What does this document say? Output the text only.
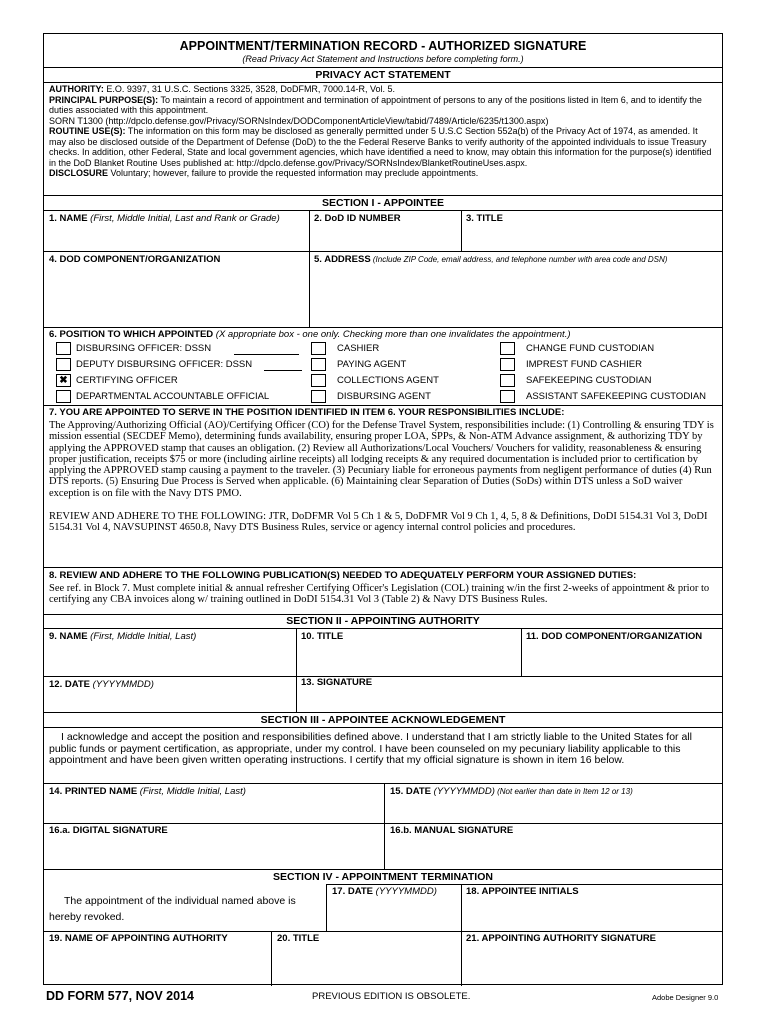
APPOINTMENT/TERMINATION RECORD - AUTHORIZED SIGNATURE
(Read Privacy Act Statement and Instructions before completing form.)
PRIVACY ACT STATEMENT
AUTHORITY: E.O. 9397, 31 U.S.C. Sections 3325, 3528, DoDFMR, 7000.14-R, Vol. 5.
PRINCIPAL PURPOSE(S): To maintain a record of appointment and termination of appointment of persons to any of the positions listed in Item 6, and to identify the duties associated with this appointment.
SORN T1300 (http://dpclo.defense.gov/Privacy/SORNsIndex/DODComponentArticleView/tabid/7489/Article/6235/t1300.aspx)
ROUTINE USE(S): The information on this form may be disclosed as generally permitted under 5 U.S.C Section 552a(b) of the Privacy Act of 1974, as amended. It may also be disclosed outside of the Department of Defense (DoD) to the the Federal Reserve Banks to verify authority of the appointed individuals to issue Treasury checks. In addition, other Federal, State and local government agencies, which have identified a need to know, may obtain this information for the purpose(s) identified in the DoD Blanket Routine Uses published at: http://dpclo.defense.gov/Privacy/SORNsIndex/BlanketRoutineUses.aspx.
DISCLOSURE Voluntary; however, failure to provide the requested information may preclude appointments.
SECTION I - APPOINTEE
1. NAME (First, Middle Initial, Last and Rank or Grade)	2. DoD ID NUMBER	3. TITLE
4. DOD COMPONENT/ORGANIZATION	5. ADDRESS (Include ZIP Code, email address, and telephone number with area code and DSN)
6. POSITION TO WHICH APPOINTED (X appropriate box - one only. Checking more than one invalidates the appointment.)
DISBURSING OFFICER: DSSN
DEPUTY DISBURSING OFFICER: DSSN
✖ CERTIFYING OFFICER
DEPARTMENTAL ACCOUNTABLE OFFICIAL
CASHIER
PAYING AGENT
COLLECTIONS AGENT
DISBURSING AGENT
CHANGE FUND CUSTODIAN
IMPREST FUND CASHIER
SAFEKEEPING CUSTODIAN
ASSISTANT SAFEKEEPING CUSTODIAN
7. YOU ARE APPOINTED TO SERVE IN THE POSITION IDENTIFIED IN ITEM 6. YOUR RESPONSIBILITIES INCLUDE:
The Approving/Authorizing Official (AO)/Certifying Officer (CO) for the Defense Travel System, responsibilities include: (1) Controlling & ensuring TDY is mission essential (SECDEF Memo), determining funds availability, ensuring proper LOA, SPPs, & Non-ATM Advance assignment, & authorizing TDY by applying the APPROVED stamp that causes an obligation. (2) Review all Authorizations/Local Vouchers/ Vouchers for validity, reasonableness & ensuring proper justification, receipts $75 or more (including airline receipts) all lodging receipts & any required documentation is included prior to certification by applying the APPROVED stamp causing a payment to the traveler. (3) Pecuniary liable for erroneous payments from negligent performance of duties (4) Run DTS reports. (5) Ensuring Due Process is Served when applicable. (6) Maintaining clear Separation of Duties (SoDs) within DTS unless a SoD waiver exception is on file with the Navy DTS PMO.
REVIEW AND ADHERE TO THE FOLLOWING: JTR, DoDFMR Vol 5 Ch 1 & 5, DoDFMR Vol 9 Ch 1, 4, 5, 8 & Definitions, DoDI 5154.31 Vol 3, DoDI 5154.31 Vol 4, NAVSUPINST 4650.8, Navy DTS Business Rules, service or agency internal control policies and procedures.
8. REVIEW AND ADHERE TO THE FOLLOWING PUBLICATION(S) NEEDED TO ADEQUATELY PERFORM YOUR ASSIGNED DUTIES:
See ref. in Block 7. Must complete initial & annual refresher Certifying Officer's Legislation (COL) training w/in the first 2-weeks of appointment & prior to certifying any CBA invoices along w/ training outlined in DoDI 5154.31 Vol 3 (Table 2) & Navy DTS Business Rules.
SECTION II - APPOINTING AUTHORITY
9. NAME (First, Middle Initial, Last)	10. TITLE	11. DOD COMPONENT/ORGANIZATION
12. DATE (YYYYMMDD)	13. SIGNATURE
SECTION III - APPOINTEE ACKNOWLEDGEMENT
I acknowledge and accept the position and responsibilities defined above. I understand that I am strictly liable to the United States for all public funds or payment certification, as appropriate, under my control. I have been counseled on my pecuniary liability applicable to this appointment and have been given written operating instructions. I certify that my official signature is shown in item 16 below.
14. PRINTED NAME (First, Middle Initial, Last)	15. DATE (YYYYMMDD) (Not earlier than date in Item 12 or 13)
16.a. DIGITAL SIGNATURE	16.b. MANUAL SIGNATURE
SECTION IV - APPOINTMENT TERMINATION
The appointment of the individual named above is hereby revoked.
17. DATE (YYYYMMDD)	18. APPOINTEE INITIALS
19. NAME OF APPOINTING AUTHORITY	20. TITLE	21. APPOINTING AUTHORITY SIGNATURE
DD FORM 577, NOV 2014	PREVIOUS EDITION IS OBSOLETE.	Adobe Designer 9.0
